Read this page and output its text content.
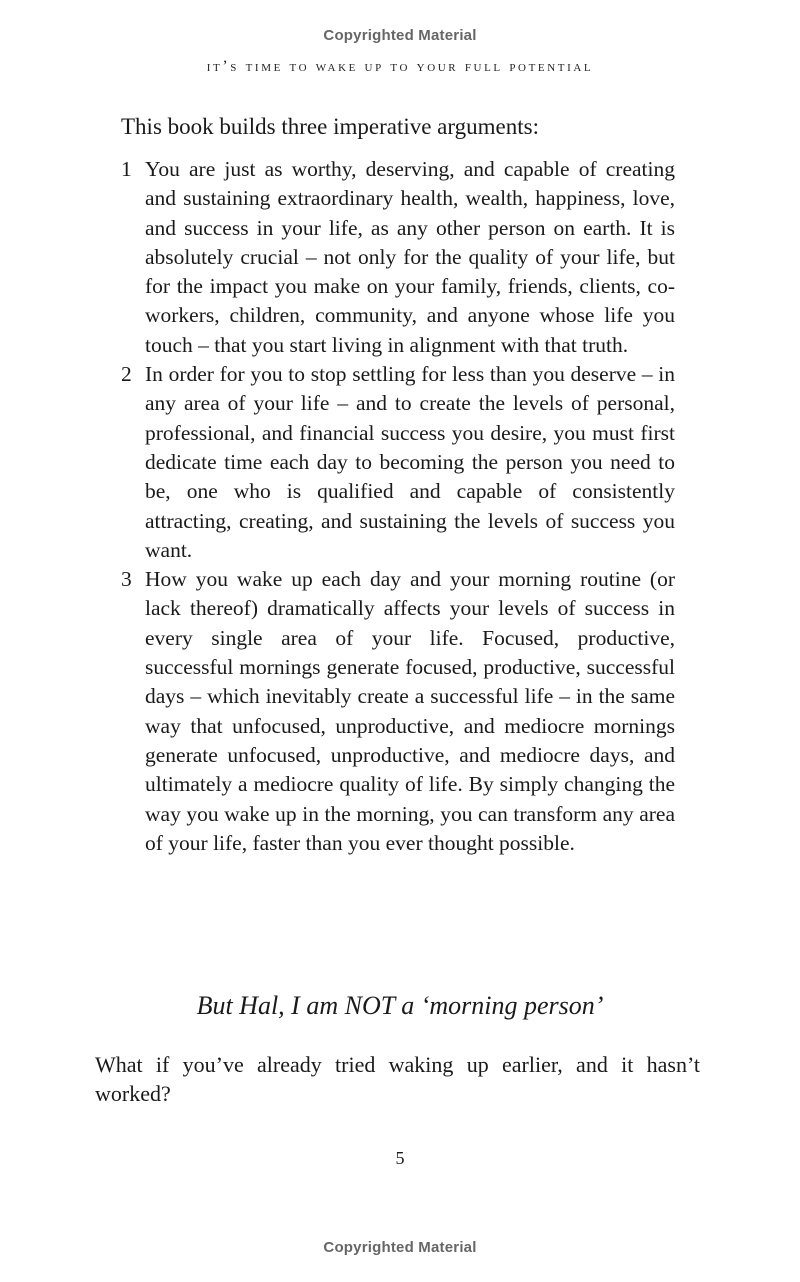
Copyrighted Material
it’s time to wake up to your full potential
This book builds three imperative arguments:
1 You are just as worthy, deserving, and capable of creating and sustaining extraordinary health, wealth, happiness, love, and success in your life, as any other person on earth. It is absolutely crucial – not only for the quality of your life, but for the impact you make on your family, friends, clients, co-workers, children, community, and anyone whose life you touch – that you start living in alignment with that truth.
2 In order for you to stop settling for less than you deserve – in any area of your life – and to create the levels of personal, professional, and financial success you desire, you must first dedicate time each day to becoming the person you need to be, one who is qualified and capable of consistently attracting, creating, and sustaining the levels of success you want.
3 How you wake up each day and your morning routine (or lack thereof) dramatically affects your levels of success in every single area of your life. Focused, productive, successful mornings generate focused, productive, successful days – which inevitably create a successful life – in the same way that unfocused, unproductive, and mediocre mornings generate unfocused, unproductive, and mediocre days, and ultimately a mediocre quality of life. By simply changing the way you wake up in the morning, you can transform any area of your life, faster than you ever thought possible.
But Hal, I am NOT a ‘morning person’

What if you’ve already tried waking up earlier, and it hasn’t worked?

5
Copyrighted Material
